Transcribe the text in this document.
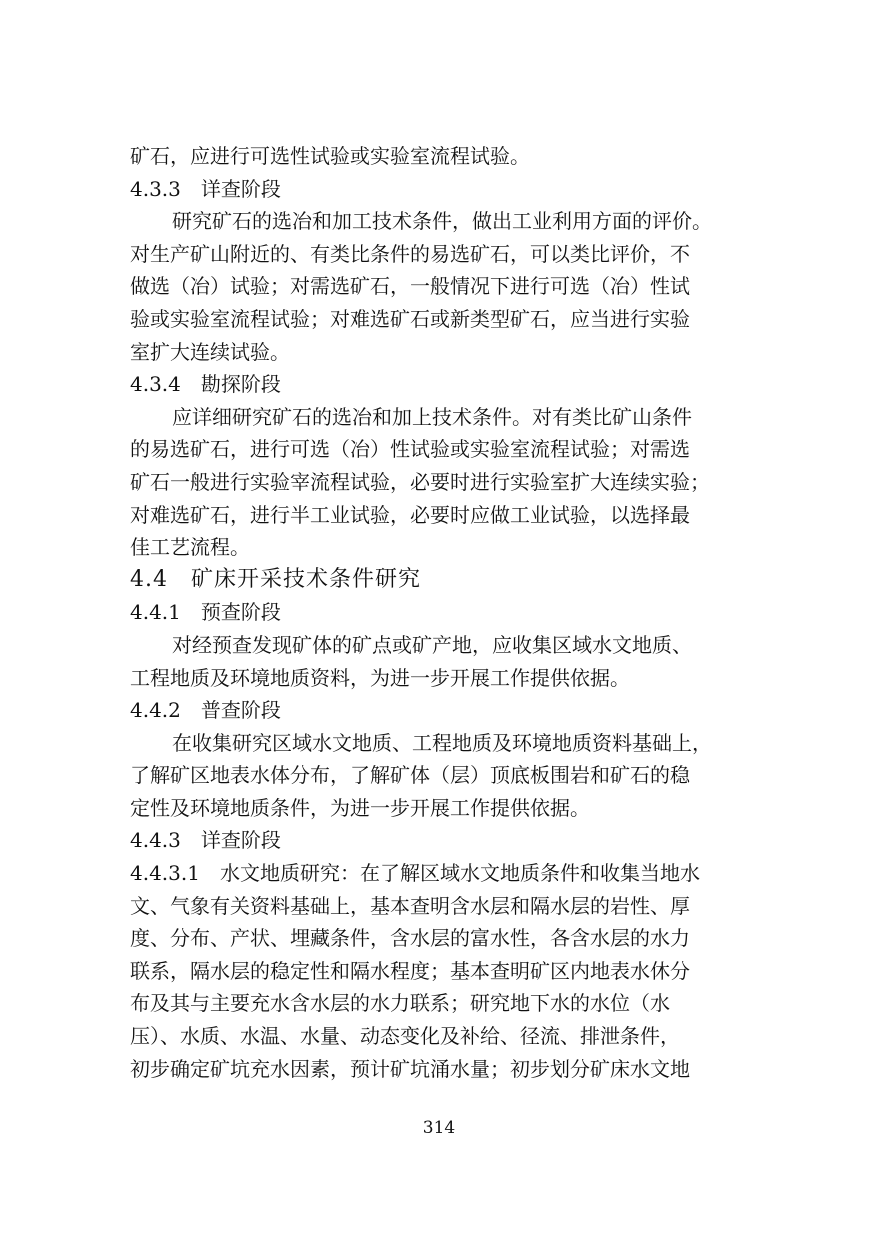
矿石，应进行可选性试验或实验室流程试验。
4.3.3　详查阶段
研究矿石的选冶和加工技术条件，做出工业利用方面的评价。
对生产矿山附近的、有类比条件的易选矿石，可以类比评价，不
做选（冶）试验；对需选矿石，一般情况下进行可选（冶）性试
验或实验室流程试验；对难选矿石或新类型矿石，应当进行实验
室扩大连续试验。
4.3.4　勘探阶段
应详细研究矿石的选冶和加上技术条件。对有类比矿山条件
的易选矿石，进行可选（冶）性试验或实验室流程试验；对需选
矿石一般进行实验宰流程试验，必要时进行实验室扩大连续实验；
对难选矿石，进行半工业试验，必要时应做工业试验，以选择最
佳工艺流程。
4.4　矿床开采技术条件研究
4.4.1　预查阶段
对经预查发现矿体的矿点或矿产地，应收集区域水文地质、
工程地质及环境地质资料，为进一步开展工作提供依据。
4.4.2　普查阶段
在收集研究区域水文地质、工程地质及环境地质资料基础上，
了解矿区地表水体分布，了解矿体（层）顶底板围岩和矿石的稳
定性及环境地质条件，为进一步开展工作提供依据。
4.4.3　详查阶段
4.4.3.1　水文地质研究：在了解区域水文地质条件和收集当地水
文、气象有关资料基础上，基本查明含水层和隔水层的岩性、厚
度、分布、产状、埋藏条件，含水层的富水性，各含水层的水力
联系，隔水层的稳定性和隔水程度；基本查明矿区内地表水休分
布及其与主要充水含水层的水力联系；研究地下水的水位（水
压）、水质、水温、水量、动态变化及补给、径流、排泄条件，
初步确定矿坑充水因素，预计矿坑涌水量；初步划分矿床水文地
314
